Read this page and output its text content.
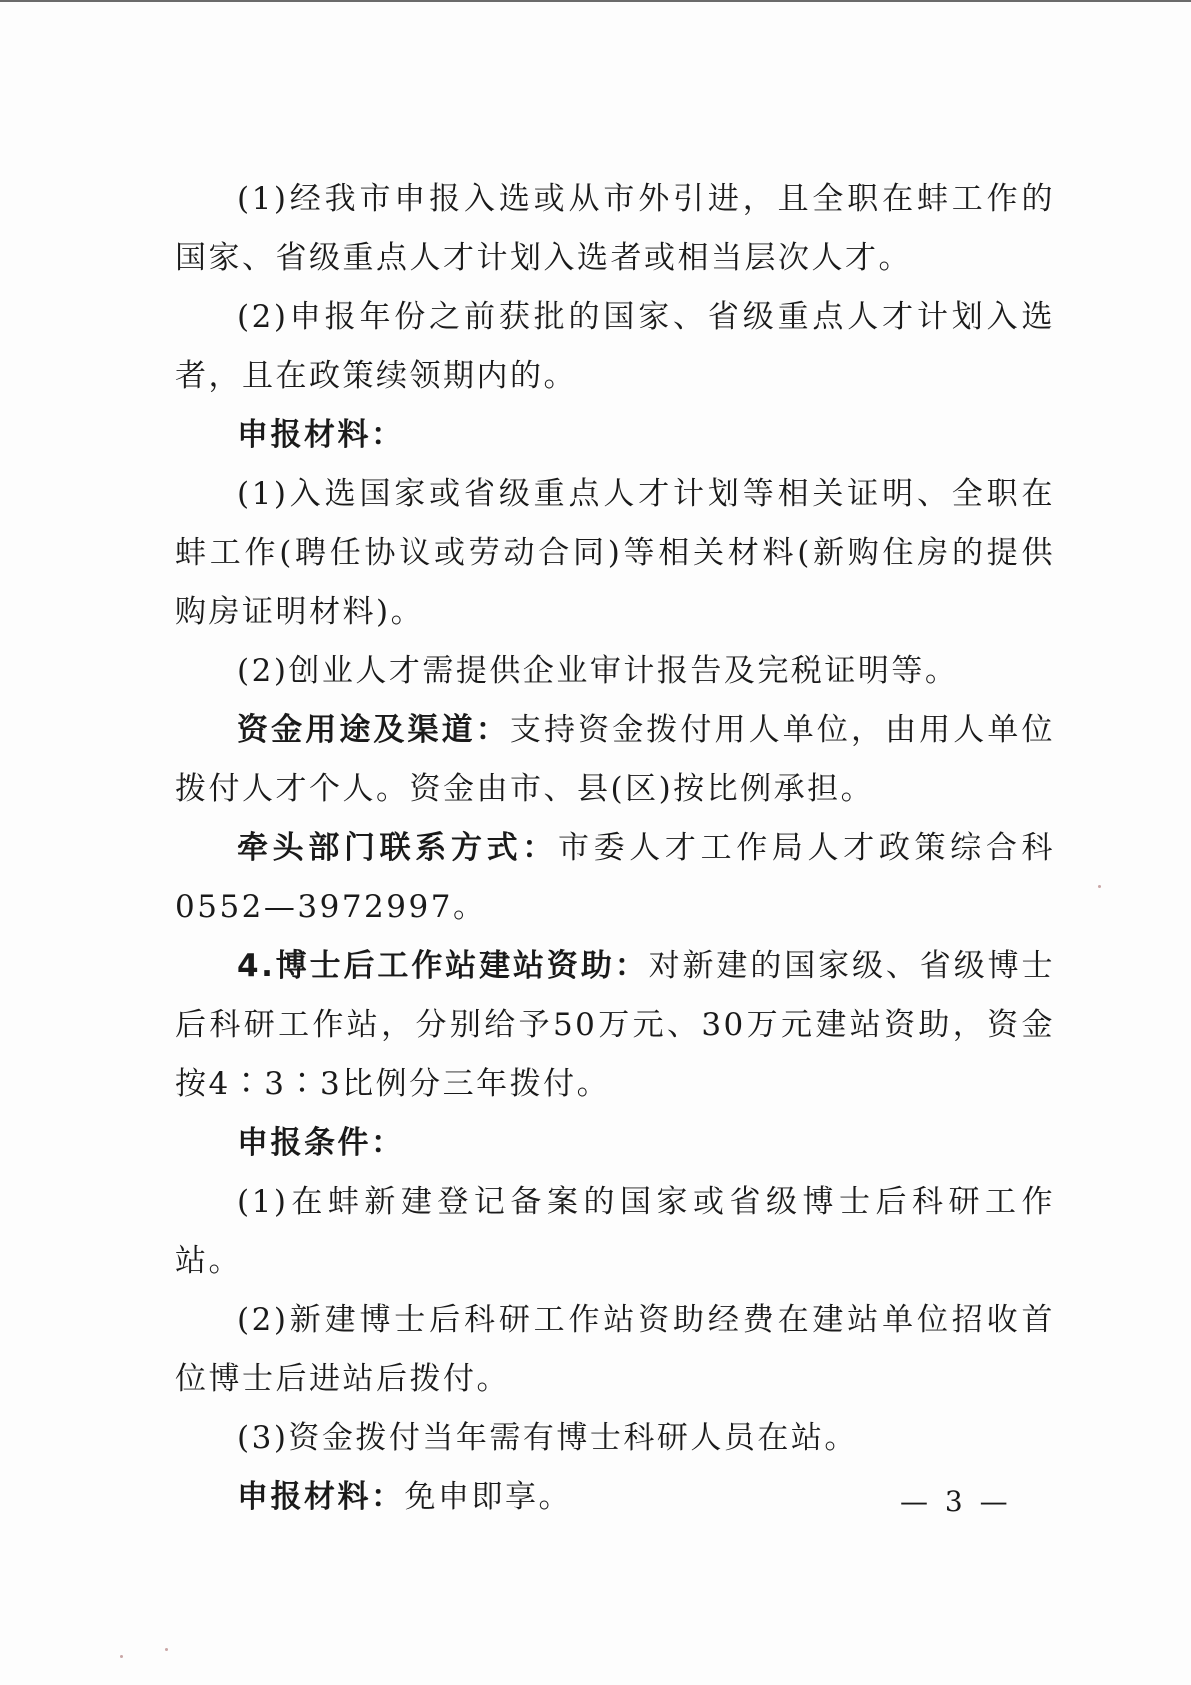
(1)经我市申报入选或从市外引进，且全职在蚌工作的国家、省级重点人才计划入选者或相当层次人才。

(2)申报年份之前获批的国家、省级重点人才计划入选者，且在政策续领期内的。

申报材料：

(1)入选国家或省级重点人才计划等相关证明、全职在蚌工作(聘任协议或劳动合同)等相关材料(新购住房的提供购房证明材料)。

(2)创业人才需提供企业审计报告及完税证明等。

资金用途及渠道：支持资金拨付用人单位，由用人单位拨付人才个人。资金由市、县(区)按比例承担。

牵头部门联系方式：市委人才工作局人才政策综合科0552—3972997。

4.博士后工作站建站资助：对新建的国家级、省级博士后科研工作站，分别给予50万元、30万元建站资助，资金按4∶3∶3比例分三年拨付。

申报条件：

(1)在蚌新建登记备案的国家或省级博士后科研工作站。

(2)新建博士后科研工作站资助经费在建站单位招收首位博士后进站后拨付。

(3)资金拨付当年需有博士科研人员在站。

申报材料：免申即享。	— 3 —
